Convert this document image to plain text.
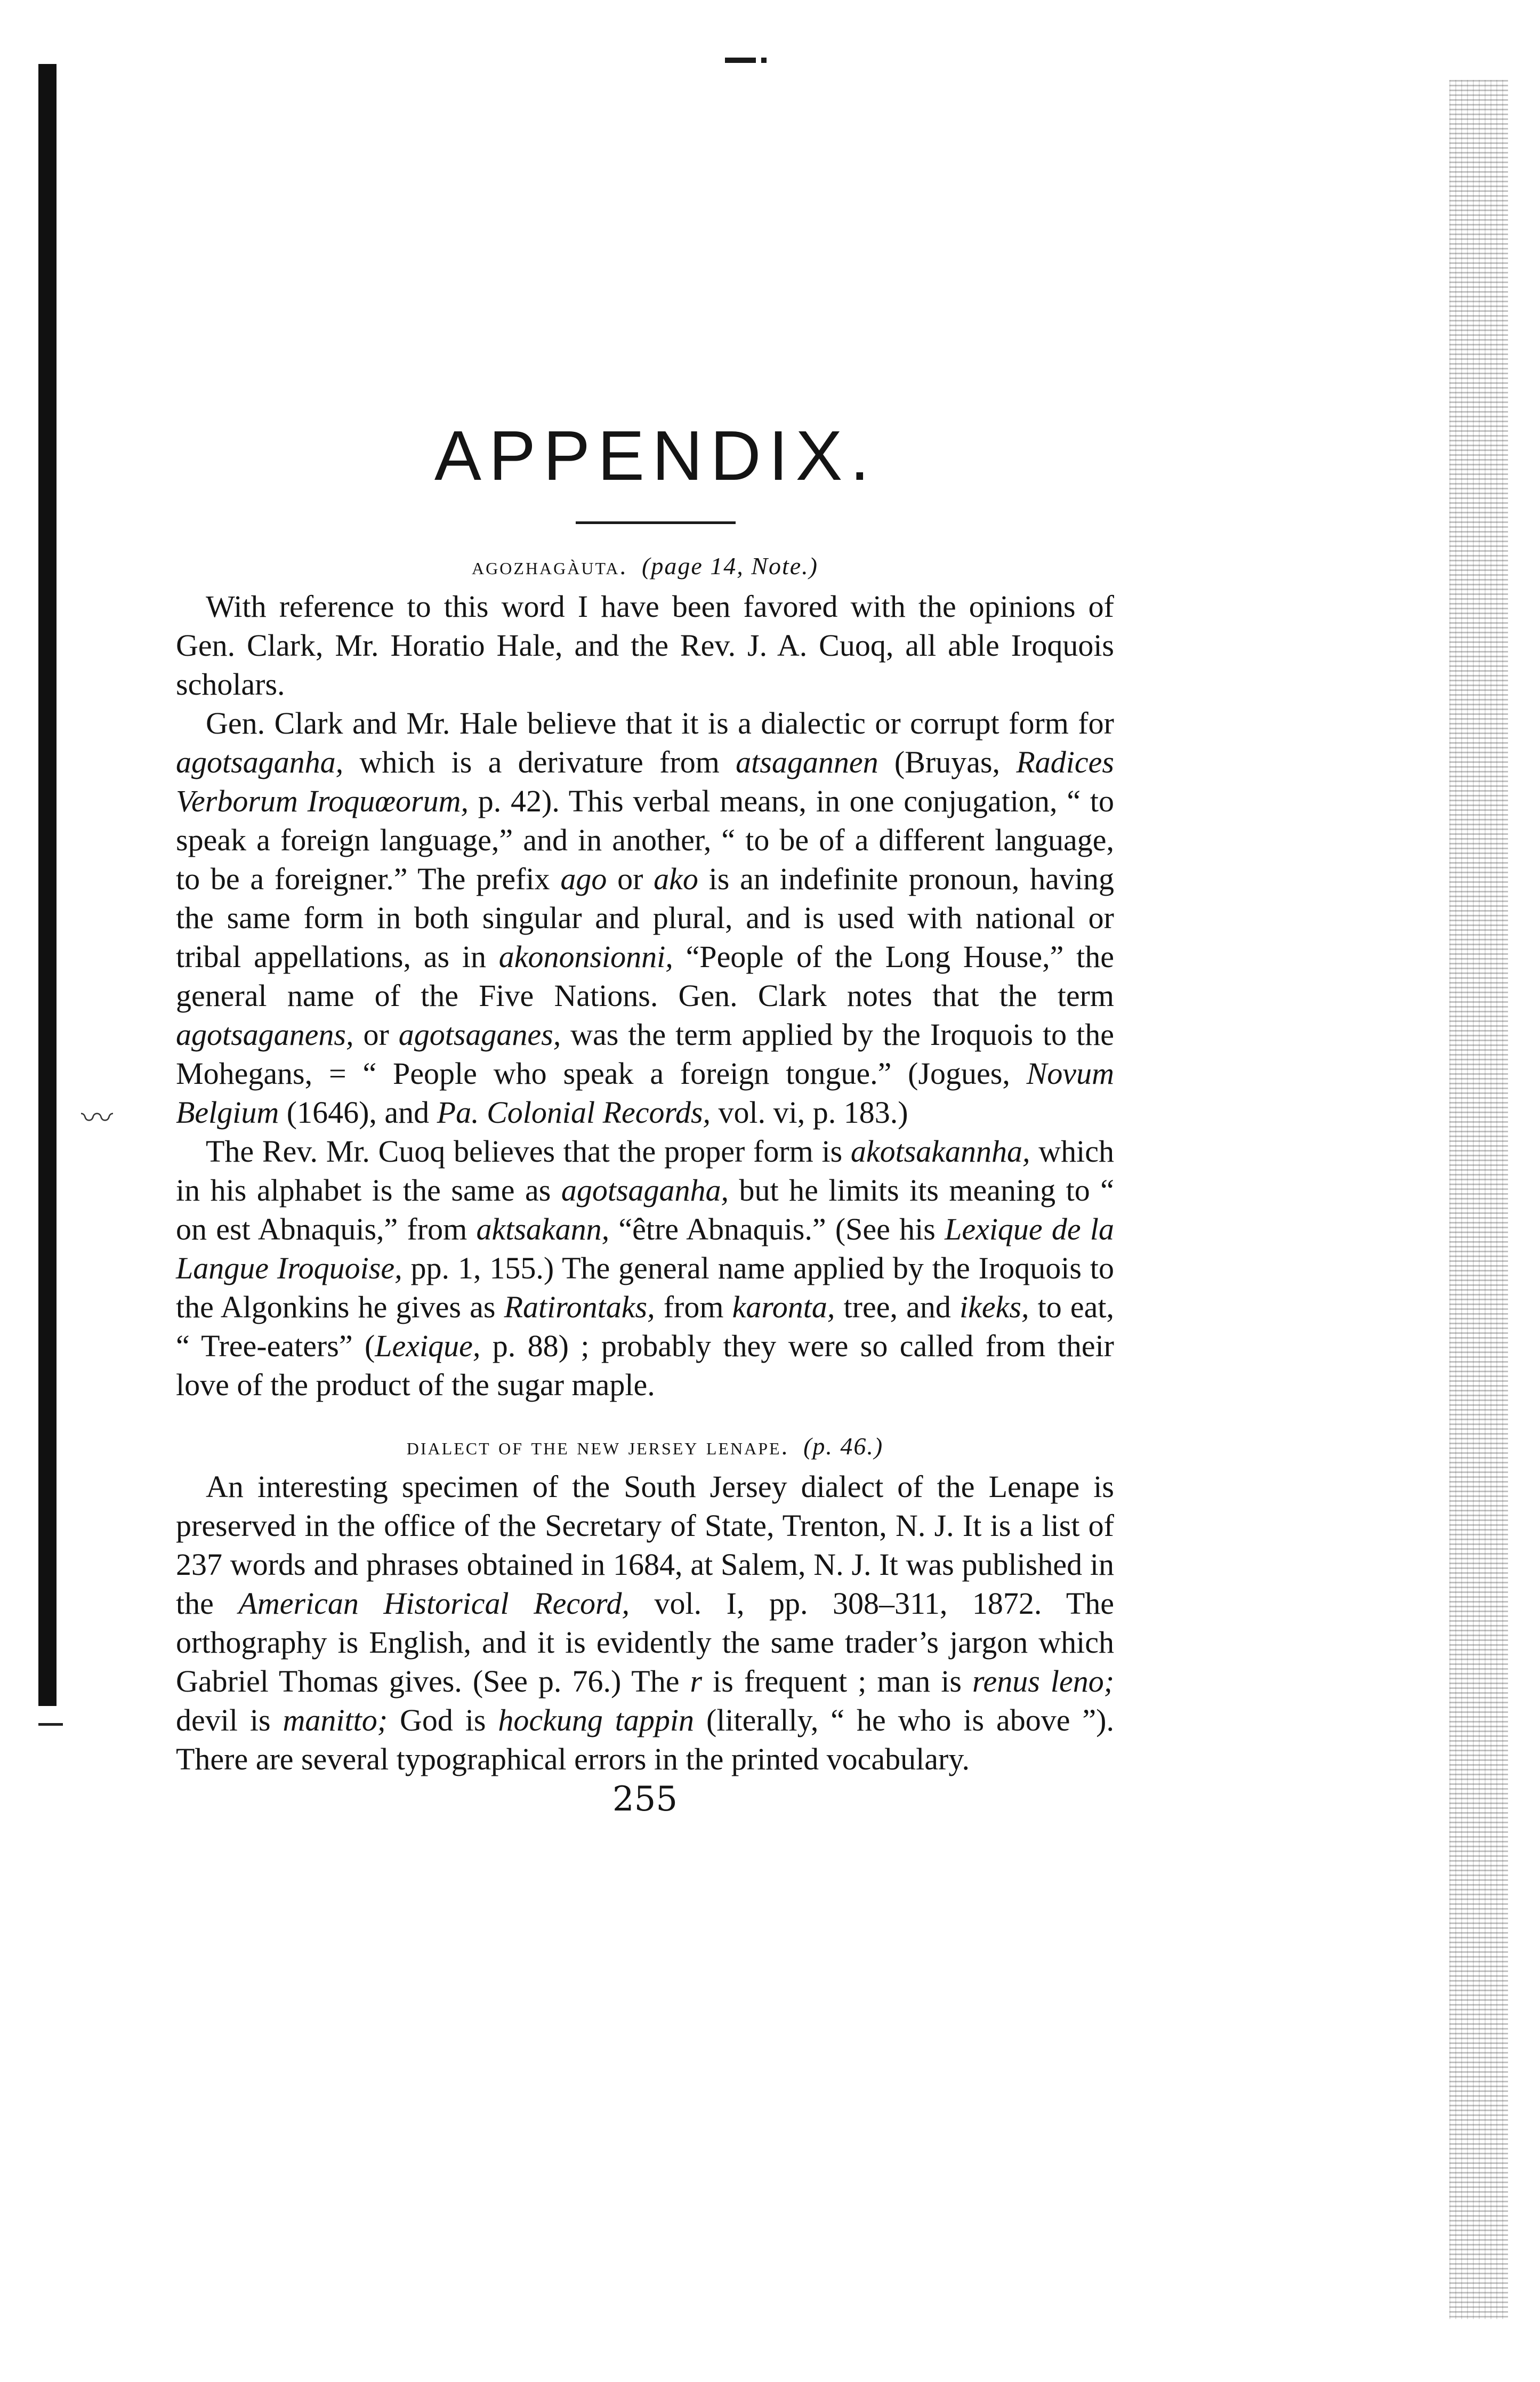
〰
APPENDIX.
agozhagàuta. (page 14, Note.)

With reference to this word I have been favored with the opinions of Gen. Clark, Mr. Horatio Hale, and the Rev. J. A. Cuoq, all able Iroquois scholars.

Gen. Clark and Mr. Hale believe that it is a dialectic or corrupt form for agotsaganha, which is a derivature from atsagannen (Bruyas, Radices Verborum Iroquœorum, p. 42). This verbal means, in one conjugation, “ to speak a foreign language,” and in another, “ to be of a different language, to be a foreigner.” The prefix ago or ako is an indefinite pronoun, having the same form in both singular and plural, and is used with national or tribal appellations, as in akononsionni, “People of the Long House,” the general name of the Five Nations. Gen. Clark notes that the term agotsaganens, or agotsaganes, was the term applied by the Iroquois to the Mohegans, = “ People who speak a foreign tongue.” (Jogues, Novum Belgium (1646), and Pa. Colonial Records, vol. vi, p. 183.)

The Rev. Mr. Cuoq believes that the proper form is akotsakannha, which in his alphabet is the same as agotsaganha, but he limits its meaning to “ on est Abnaquis,” from aktsakann, “être Abnaquis.” (See his Lexique de la Langue Iroquoise, pp. 1, 155.) The general name applied by the Iroquois to the Algonkins he gives as Ratirontaks, from karonta, tree, and ikeks, to eat, “ Tree-eaters” (Lexique, p. 88) ; probably they were so called from their love of the product of the sugar maple.

dialect of the new jersey lenape. (p. 46.)

An interesting specimen of the South Jersey dialect of the Lenape is preserved in the office of the Secretary of State, Trenton, N. J. It is a list of 237 words and phrases obtained in 1684, at Salem, N. J. It was published in the American Historical Record, vol. I, pp. 308–311, 1872. The orthography is English, and it is evidently the same trader’s jargon which Gabriel Thomas gives. (See p. 76.) The r is frequent ; man is renus leno; devil is manitto; God is hockung tappin (literally, “ he who is above ”). There are several typographical errors in the printed vocabulary.

255
